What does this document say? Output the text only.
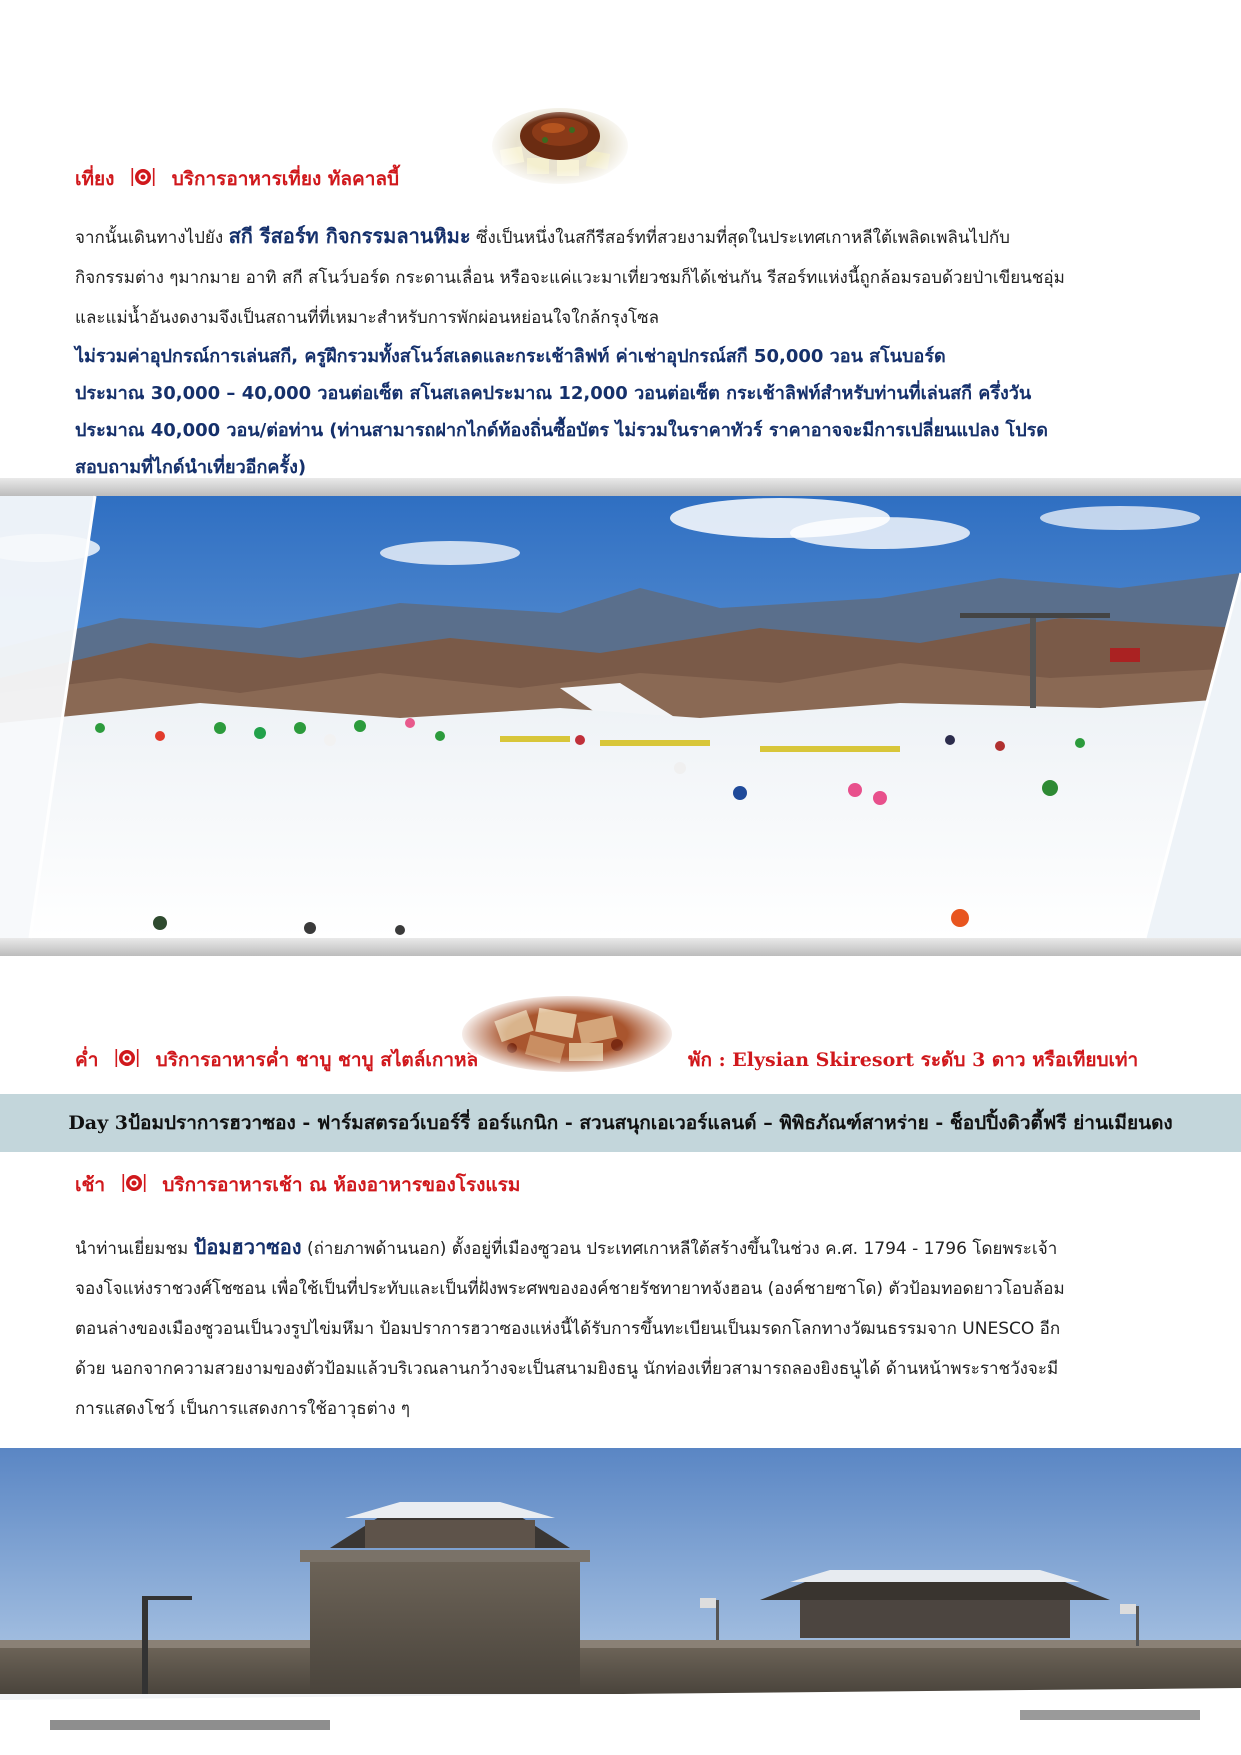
เที่ยง	บริการอาหารเที่ยง ทัลคาลบี้
จากนั้นเดินทางไปยัง สกี รีสอร์ท กิจกรรมลานหิมะ ซึ่งเป็นหนึ่งในสกีรีสอร์ทที่สวยงามที่สุดในประเทศเกาหลีใต้เพลิดเพลินไปกับ
กิจกรรมต่าง ๆมากมาย อาทิ สกี สโนว์บอร์ด กระดานเลื่อน หรือจะแค่แวะมาเที่ยวชมก็ได้เช่นกัน รีสอร์ทแห่งนี้ถูกล้อมรอบด้วยป่าเขียนชอุ่ม
และแม่น้ำอันงดงามจึงเป็นสถานที่ที่เหมาะสำหรับการพักผ่อนหย่อนใจใกล้กรุงโซล
ไม่รวมค่าอุปกรณ์การเล่นสกี, ครูฝึกรวมทั้งสโนว์สเลดและกระเช้าลิฟท์ ค่าเช่าอุปกรณ์สกี 50,000 วอน สโนบอร์ด
ประมาณ 30,000 – 40,000 วอนต่อเซ็ต สโนสเลคประมาณ 12,000 วอนต่อเซ็ต กระเช้าลิฟท์สำหรับท่านที่เล่นสกี ครึ่งวัน
ประมาณ 40,000 วอน/ต่อท่าน (ท่านสามารถฝากไกด์ท้องถิ่นซื้อบัตร ไม่รวมในราคาทัวร์ ราคาอาจจะมีการเปลี่ยนแปลง โปรด
สอบถามที่ไกด์นำเที่ยวอีกครั้ง)
ค่ำ	บริการอาหารค่ำ ชาบู ชาบู สไตล์เกาหลี	พัก : Elysian Skiresort ระดับ 3 ดาว หรือเทียบเท่า
Day 3ป้อมปราการฮวาซอง - ฟาร์มสตรอว์เบอร์รี่ ออร์แกนิก - สวนสนุกเอเวอร์แลนด์ – พิพิธภัณฑ์สาหร่าย - ช็อปปิ้งดิวตี้ฟรี ย่านเมียนดง
เช้า	บริการอาหารเช้า ณ ห้องอาหารของโรงแรม
นำท่านเยี่ยมชม ป้อมฮวาซอง (ถ่ายภาพด้านนอก) ตั้งอยู่ที่เมืองซูวอน ประเทศเกาหลีใต้สร้างขึ้นในช่วง ค.ศ. 1794 - 1796 โดยพระเจ้า
จองโจแห่งราชวงศ์โชซอน เพื่อใช้เป็นที่ประทับและเป็นที่ฝังพระศพขององค์ชายรัชทายาทจังฮอน (องค์ชายซาโด) ตัวป้อมทอดยาวโอบล้อม
ตอนล่างของเมืองซูวอนเป็นวงรูปไข่มหึมา ป้อมปราการฮวาซองแห่งนี้ได้รับการขึ้นทะเบียนเป็นมรดกโลกทางวัฒนธรรมจาก UNESCO อีก
ด้วย นอกจากความสวยงามของตัวป้อมแล้วบริเวณลานกว้างจะเป็นสนามยิงธนู นักท่องเที่ยวสามารถลองยิงธนูได้ ด้านหน้าพระราชวังจะมี
การแสดงโชว์ เป็นการแสดงการใช้อาวุธต่าง ๆ
